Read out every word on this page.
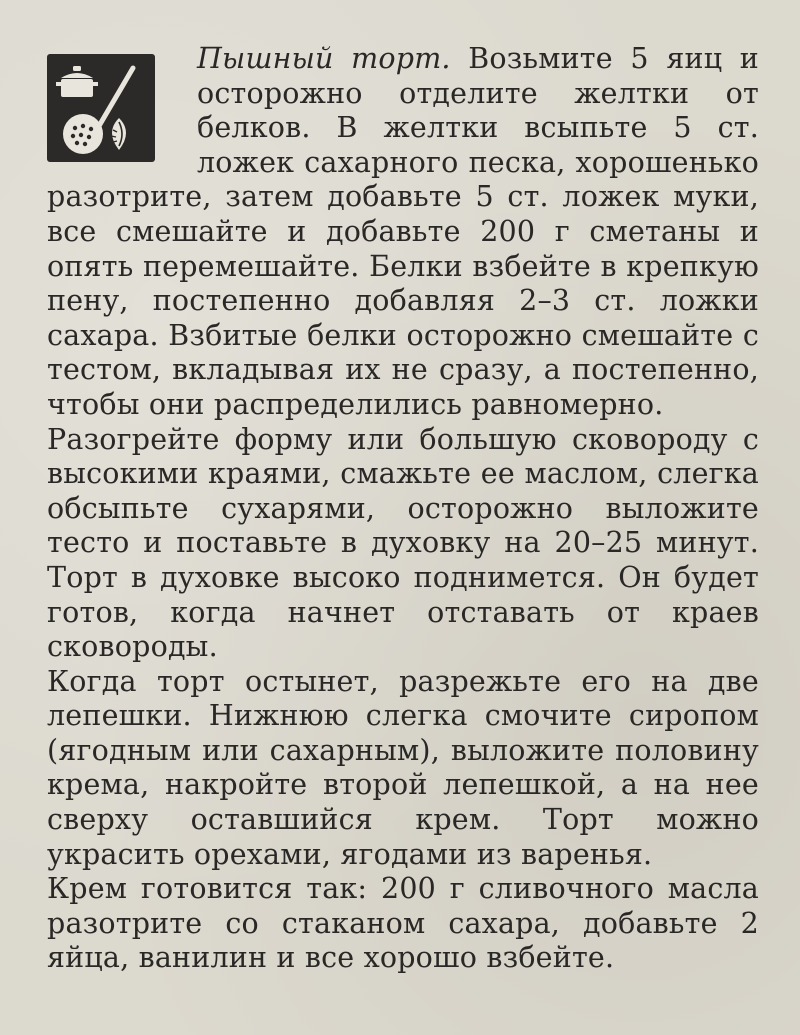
Пышный торт. Возьмите 5 яиц и осторожно отделите желтки от белков. В желтки всыпьте 5 ст. ложек сахарного песка, хорошенько разотрите, затем добавьте 5 ст. ложек муки, все смешайте и добавьте 200 г сметаны и опять перемешайте. Белки взбейте в крепкую пену, постепенно добавляя 2–3 ст. ложки сахара. Взбитые белки осторожно смешайте с тестом, вкладывая их не сразу, а постепенно, чтобы они распределились равномерно.

Разогрейте форму или большую сковороду с высокими краями, смажьте ее маслом, слегка обсыпьте сухарями, осторожно выложите тесто и поставьте в духовку на 20–25 минут. Торт в духовке высоко поднимется. Он будет готов, когда начнет отставать от краев сковороды.

Когда торт остынет, разрежьте его на две лепешки. Нижнюю слегка смочите сиропом (ягодным или сахарным), выложите половину крема, накройте второй лепешкой, а на нее сверху оставшийся крем. Торт можно украсить орехами, ягодами из варенья.

Крем готовится так: 200 г сливочного масла разотрите со стаканом сахара, добавьте 2 яйца, ванилин и все хорошо взбейте.
